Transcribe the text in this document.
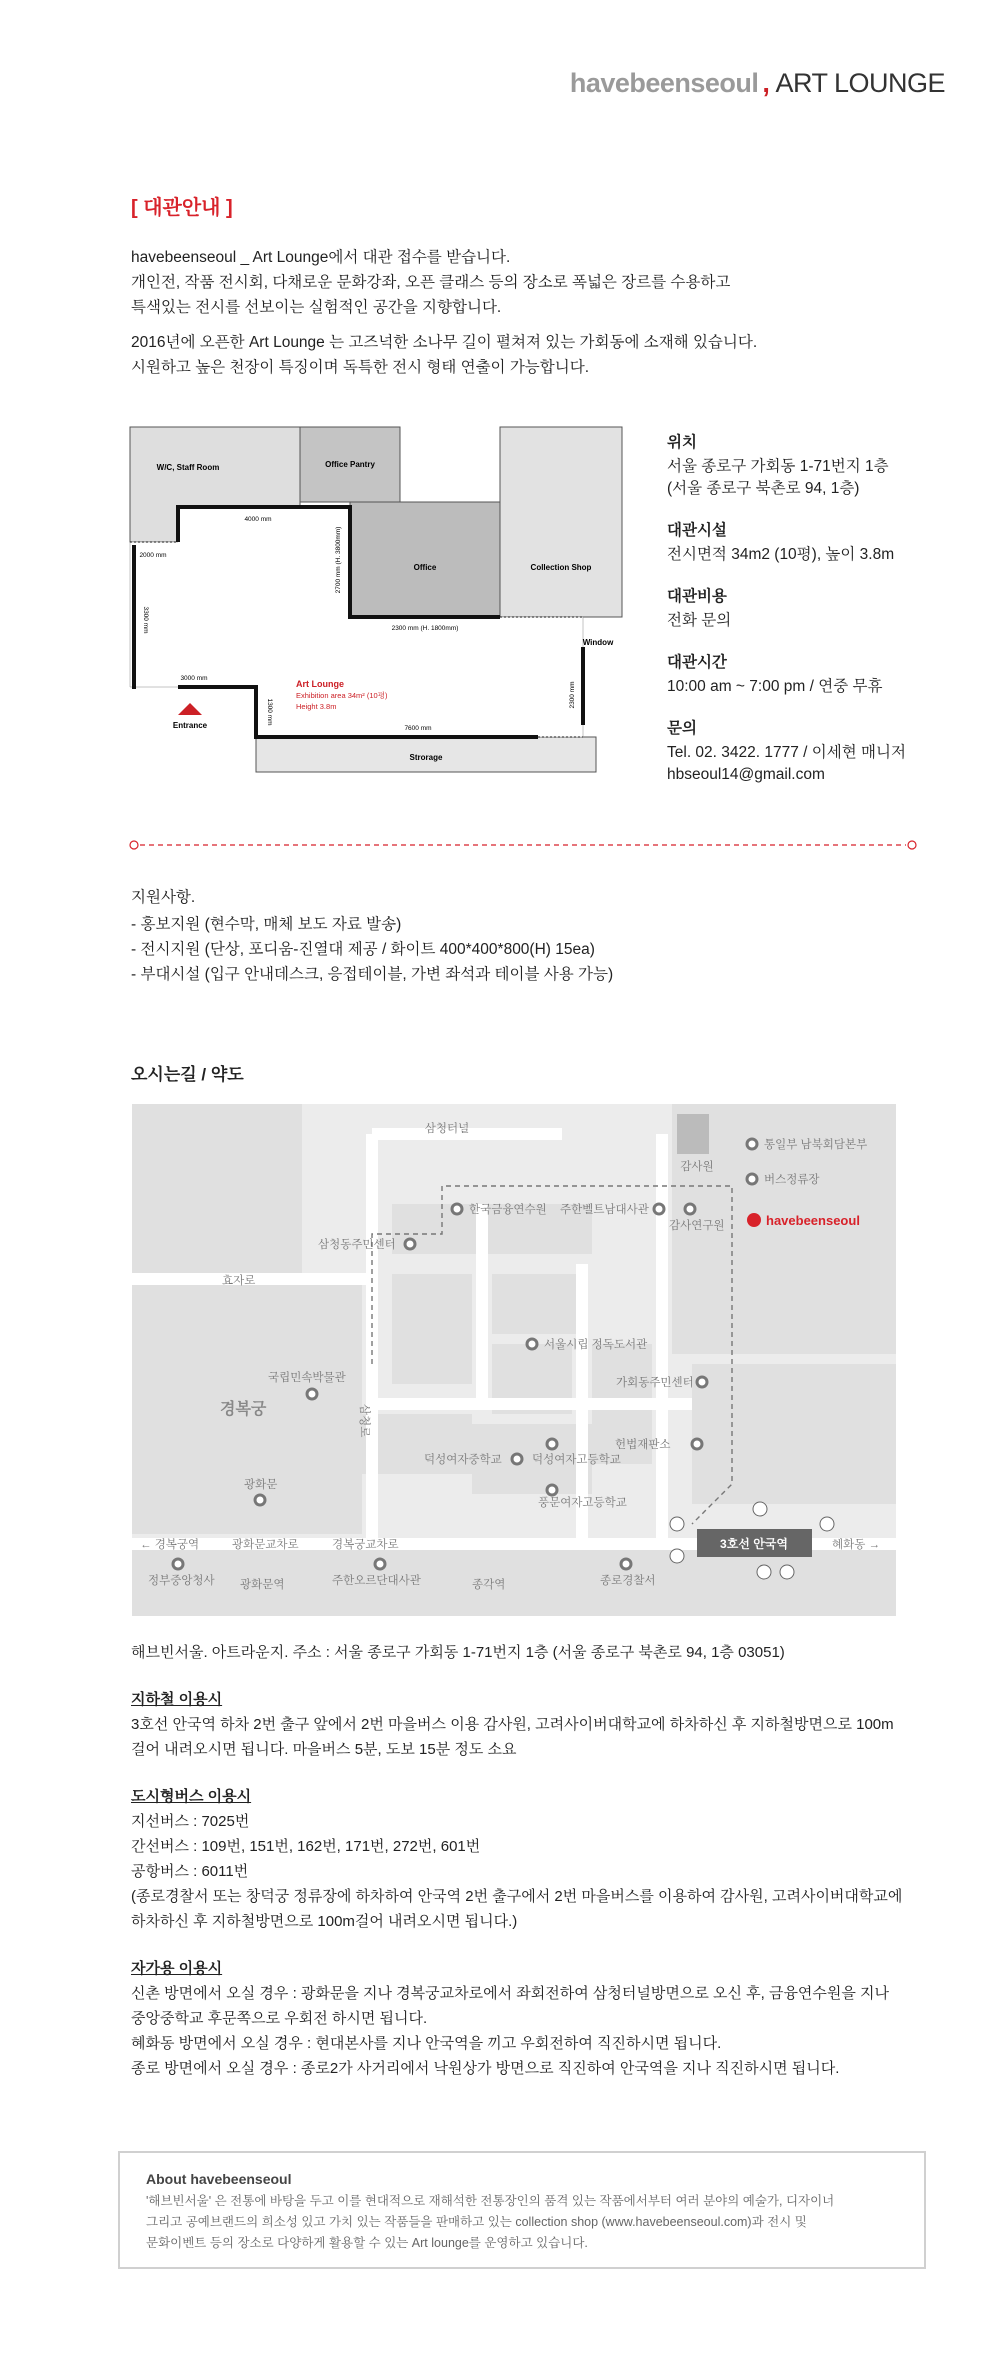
havebeenseoul , ART LOUNGE
[ 대관안내 ]
havebeenseoul _ Art Lounge에서 대관 접수를 받습니다.
개인전, 작품 전시회, 다채로운 문화강좌, 오픈 클래스 등의 장소로 폭넓은 장르를 수용하고
특색있는 전시를 선보이는 실험적인 공간을 지향합니다.
2016년에 오픈한 Art Lounge 는 고즈넉한 소나무 길이 펼쳐져 있는 가회동에 소재해 있습니다.
시원하고 높은 천장이 특징이며 독특한 전시 형태 연출이 가능합니다.
W/C, Staff Room	Office Pantry
Office	Collection Shop
Strorage
Window
Entrance
Art Lounge
Exhibition area 34m² (10평)
Height 3.8m
4000 mm
2000 mm
3300 mm
2700 mm (H. 3800mm)
2300 mm (H. 1800mm)
3000 mm
1300 mm
7600 mm
2300 mm
위치

서울 종로구 가회동 1-71번지 1층
(서울 종로구 북촌로 94, 1층)

대관시설

전시면적 34m2 (10평), 높이 3.8m

대관비용

전화 문의

대관시간

10:00 am ~ 7:00 pm / 연중 무휴

문의

Tel. 02. 3422. 1777 / 이세현 매니저
hbseoul14@gmail.com

지원사항.
- 홍보지원 (현수막, 매체 보도 자료 발송)
- 전시지원 (단상, 포디움-진열대 제공 / 화이트 400*400*800(H) 15ea)
- 부대시설 (입구 안내데스크, 응접테이블, 가변 좌석과 테이블 사용 가능)
오시는길 / 약도
3호선 안국역
삼청터널
감사원
통일부 남북회담본부
버스정류장
한국금융연수원 주한벨트남대사관
감사연구원	havebeenseoul
삼청동주민센터
효자로
국립민속박물관
경복궁	삼청로
서울시립 정독도서관
가회동주민센터
헌법재판소
덕성여자중학교	덕성여자고등학교
광화문
풍문여자고등학교
← 경복궁역	광화문교차로	경복궁교차로	혜화동 →
정부중앙청사 광화문역	주한오르단대사관	종각역	종로경찰서
해브빈서울. 아트라운지. 주소 : 서울 종로구 가회동 1-71번지 1층 (서울 종로구 북촌로 94, 1층 03051)
지하철 이용시
3호선 안국역 하차 2번 출구 앞에서 2번 마을버스 이용 감사원, 고려사이버대학교에 하차하신 후 지하철방면으로 100m
걸어 내려오시면 됩니다. 마을버스 5분, 도보 15분 정도 소요
도시형버스 이용시
지선버스 : 7025번
간선버스 : 109번, 151번, 162번, 171번, 272번, 601번
공항버스 : 6011번
(종로경찰서 또는 창덕궁 정류장에 하차하여 안국역 2번 출구에서 2번 마을버스를 이용하여 감사원, 고려사이버대학교에
하차하신 후 지하철방면으로 100m걸어 내려오시면 됩니다.)
자가용 이용시
신촌 방면에서 오실 경우 : 광화문을 지나 경복궁교차로에서 좌회전하여 삼청터널방면으로 오신 후, 금융연수원을 지나
중앙중학교 후문쪽으로 우회전 하시면 됩니다.
혜화동 방면에서 오실 경우 : 현대본사를 지나 안국역을 끼고 우회전하여 직진하시면 됩니다.
종로 방면에서 오실 경우 : 종로2가 사거리에서 낙원상가 방면으로 직진하여 안국역을 지나 직진하시면 됩니다.
About havebeenseoul
'해브빈서울' 은 전통에 바탕을 두고 이를 현대적으로 재해석한 전통장인의 품격 있는 작품에서부터 여러 분야의 예술가, 디자이너
그리고 공예브랜드의 희소성 있고 가치 있는 작품들을 판매하고 있는 collection shop (www.havebeenseoul.com)과 전시 및
문화이벤트 등의 장소로 다양하게 활용할 수 있는 Art lounge를 운영하고 있습니다.
